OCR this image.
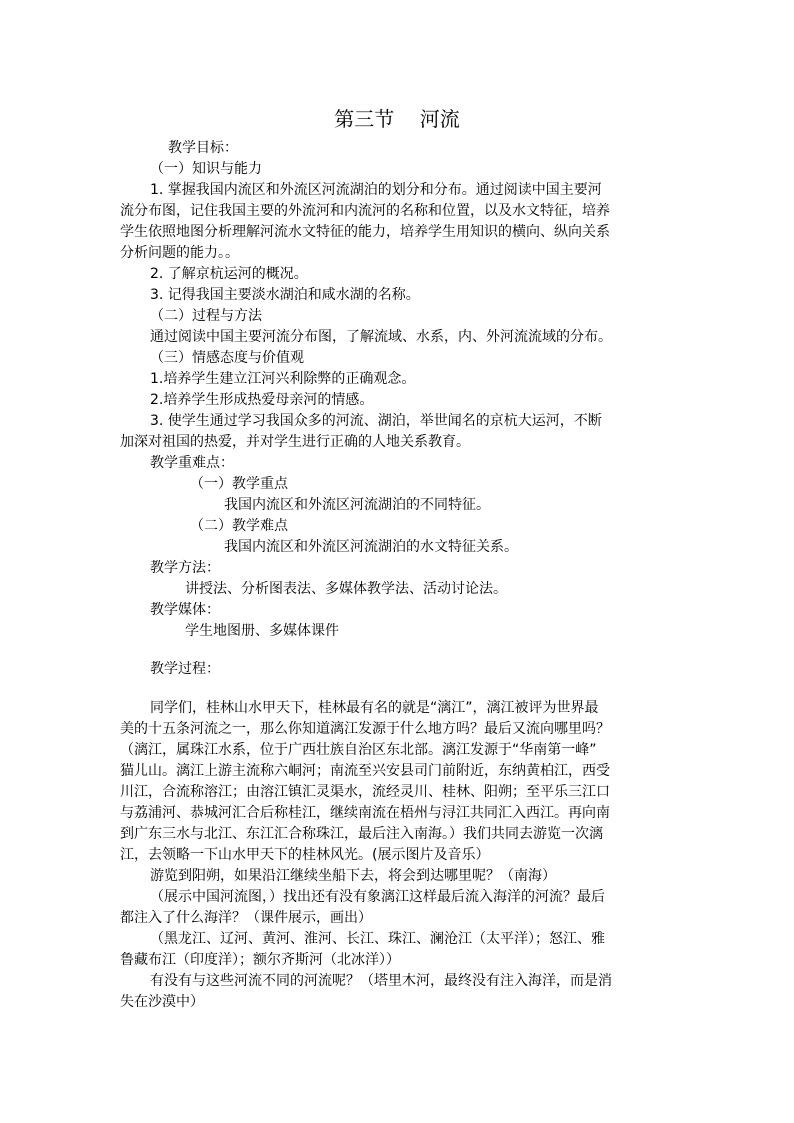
第三节    河流
教学目标：
（一）知识与能力
1. 掌握我国内流区和外流区河流湖泊的划分和分布。通过阅读中国主要河
流分布图，记住我国主要的外流河和内流河的名称和位置，以及水文特征，培养
学生依照地图分析理解河流水文特征的能力，培养学生用知识的横向、纵向关系
分析问题的能力。。
2. 了解京杭运河的概况。
3. 记得我国主要淡水湖泊和咸水湖的名称。
（二）过程与方法
通过阅读中国主要河流分布图，了解流域、水系，内、外河流流域的分布。
（三）情感态度与价值观
1.培养学生建立江河兴利除弊的正确观念。
2.培养学生形成热爱母亲河的情感。
3. 使学生通过学习我国众多的河流、湖泊，举世闻名的京杭大运河，不断
加深对祖国的热爱，并对学生进行正确的人地关系教育。
教学重难点：
（一）教学重点
我国内流区和外流区河流湖泊的不同特征。
（二）教学难点
我国内流区和外流区河流湖泊的水文特征关系。
教学方法：
讲授法、分析图表法、多媒体教学法、活动讨论法。
教学媒体：
学生地图册、多媒体课件
教学过程：
同学们，桂林山水甲天下，桂林最有名的就是“漓江”，漓江被评为世界最
美的十五条河流之一，那么你知道漓江发源于什么地方吗？最后又流向哪里吗？
（漓江，属珠江水系，位于广西壮族自治区东北部。漓江发源于“华南第一峰”
猫儿山。漓江上游主流称六峒河；南流至兴安县司门前附近，东纳黄柏江，西受
川江，合流称溶江；由溶江镇汇灵渠水，流经灵川、桂林、阳朔；至平乐三江口
与荔浦河、恭城河汇合后称桂江，继续南流在梧州与浔江共同汇入西江。再向南
到广东三水与北江、东江汇合称珠江，最后注入南海。）我们共同去游览一次漓
江，去领略一下山水甲天下的桂林风光。(展示图片及音乐）
游览到阳朔，如果沿江继续坐船下去，将会到达哪里呢？（南海）
（展示中国河流图，）找出还有没有象漓江这样最后流入海洋的河流？最后
都注入了什么海洋？（课件展示，画出）
（黑龙江、辽河、黄河、淮河、长江、珠江、澜沧江（太平洋）；怒江、雅
鲁藏布江（印度洋）；额尔齐斯河（北冰洋））
有没有与这些河流不同的河流呢？（塔里木河，最终没有注入海洋，而是消
失在沙漠中）
